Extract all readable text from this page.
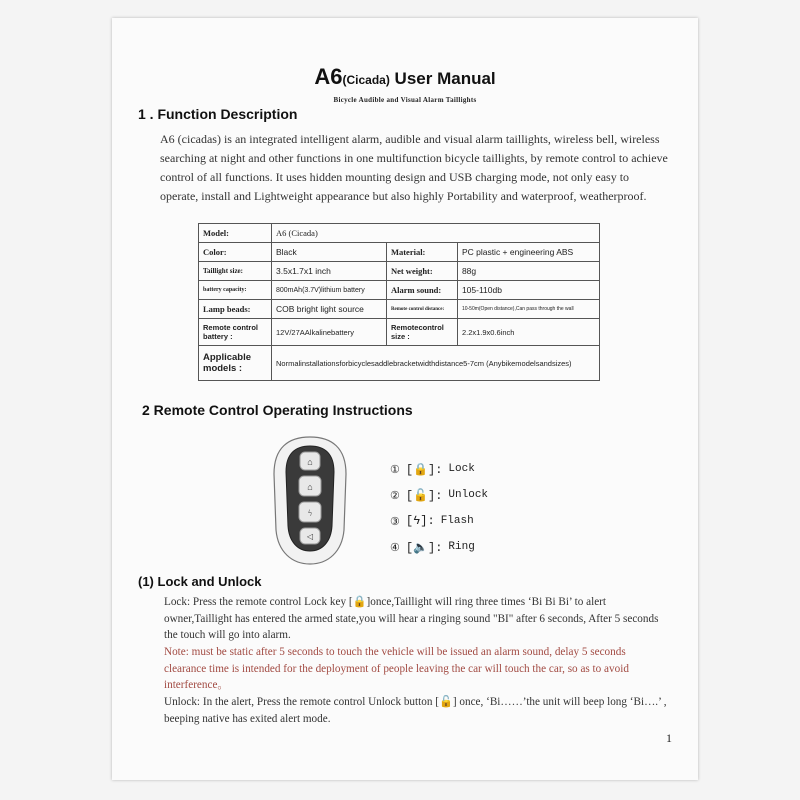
A6(Cicada) User Manual
Bicycle Audible and Visual Alarm Taillights
1 . Function Description
A6 (cicadas) is an integrated intelligent alarm, audible and visual alarm taillights, wireless bell, wireless searching at night and other functions in one multifunction bicycle taillights, by remote control to achieve control of all functions. It uses hidden mounting design and USB charging mode, not only easy to operate, install and Lightweight appearance but also highly Portability and waterproof, weatherproof.
Model:	A6 (Cicada)		
Color:	Black	Material:	PC plastic + engineering ABS
Taillight size:	3.5x1.7x1 inch	Net weight:	88g
battery capacity:	800mAh(3.7V)lithium battery	Alarm sound:	105-110db
Lamp beads:	COB bright light source	Remote control distance:	10-50m(Open distance),Can pass through the wall
Remote control battery :	12V/27AAlkalinebattery	Remotecontrol size :	2.2x1.9x0.6inch
Applicable models :	Normalinstallationsforbicyclesaddlebracketwidthdistance5-7cm (Anybikemodelsandsizes)		
2 Remote Control Operating Instructions
⌂
⌂
ϟ
◁
① [🔒]: Lock
② [🔓]: Unlock
③ [ϟ]: Flash
④ [🔈]: Ring
(1) Lock and Unlock
Lock: Press the remote control Lock key [🔒]once,Taillight will ring three times ‘Bi Bi Bi’ to alert owner,Taillight has entered the armed state,you will hear a ringing sound "BI" after 6 seconds, After 5 seconds the touch will go into alarm.
Note: must be static after 5 seconds to touch the vehicle will be issued an alarm sound, delay 5 seconds clearance time is intended for the deployment of people leaving the car will touch the car, so as to avoid interference。
Unlock: In the alert, Press the remote control Unlock button [🔓] once, ‘Bi……’the unit will beep long ‘Bi….’ , beeping native has exited alert mode.
1
